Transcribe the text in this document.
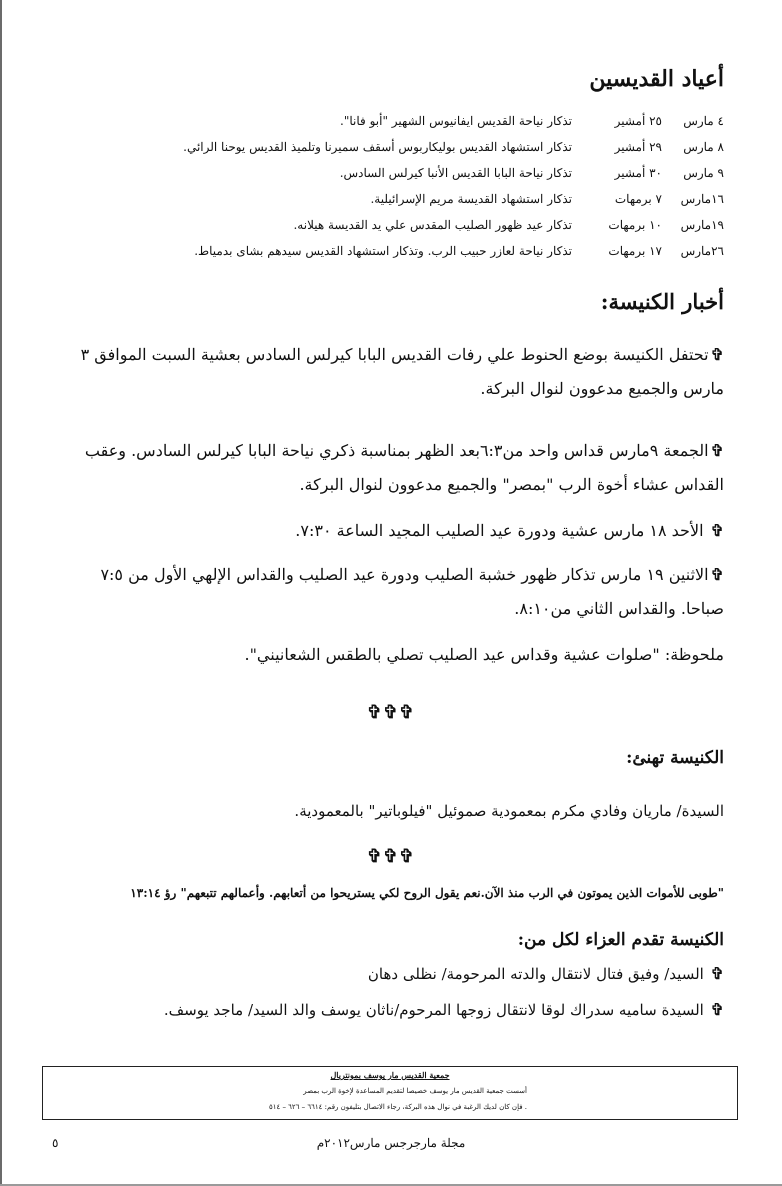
أعياد القديسين
٤ مارس
٢٥ أمشير
تذكار نياحة القديس ايفانيوس الشهير "أبو فانا".
٨ مارس
٢٩ أمشير
تذكار استشهاد القديس بوليكاربوس أسقف سميرنا وتلميذ القديس يوحنا الرائي.
٩ مارس
٣٠ أمشير
تذكار نياحة البابا القديس الأنبا كيرلس السادس.
١٦مارس
٧ برمهات
تذكار استشهاد القديسة مريم الإسرائيلية.
١٩مارس
١٠ برمهات
تذكار عيد ظهور الصليب المقدس علي يد القديسة هيلانه.
٢٦مارس
١٧ برمهات
تذكار نياحة لعازر حبيب الرب. وتذكار استشهاد القديس سيدهم بشاى بدمياط.
أخبار الكنيسة:
✞تحتفل الكنيسة بوضع الحنوط علي رفات القديس البابا كيرلس السادس بعشية السبت الموافق ٣ مارس والجميع مدعوون لنوال البركة.
✞الجمعة ٩مارس قداس واحد من٦:٣بعد الظهر بمناسبة ذكري نياحة البابا كيرلس السادس. وعقب القداس عشاء أخوة الرب "بمصر" والجميع مدعوون لنوال البركة.
✞ الأحد ١٨ مارس عشية ودورة عيد الصليب المجيد الساعة ٧:٣٠.
✞الاثنين ١٩ مارس تذكار ظهور خشبة الصليب ودورة عيد الصليب والقداس الإلهي الأول من ٧:٥ صباحا. والقداس الثاني من٨:١٠.
ملحوظة: "صلوات عشية وقداس عيد الصليب تصلي بالطقس الشعانيني".
✞✞✞
الكنيسة تهنئ:
السيدة/ ماريان وفادي مكرم بمعمودية صموئيل "فيلوباتير" بالمعمودية.
✞✞✞
"طوبى للأموات الذين يموتون في الرب منذ الآن.نعم يقول الروح لكي يستريحوا من أتعابهم. وأعمالهم تتبعهم" رؤ ١٣:١٤
الكنيسة تقدم العزاء لكل من:
✞ السيد/ وفيق فتال لانتقال والدته المرحومة/ نظلى دهان
✞ السيدة ساميه سدراك لوقا لانتقال زوجها المرحوم/ناثان يوسف والد السيد/ ماجد يوسف.
جمعية القديس مار يوسف بمونتريال
أسست جمعية القديس مار يوسف خصيصا لتقديم المساعدة لإخوة الرب بمصر
. فإن كان لديك الرغبة في نوال هذه البركة، رجاء الاتصال بتليفون رقم: ٦٦١٤ – ٦٢٦ – ٥١٤
مجلة مارجرجس مارس٢٠١٢م
٥
